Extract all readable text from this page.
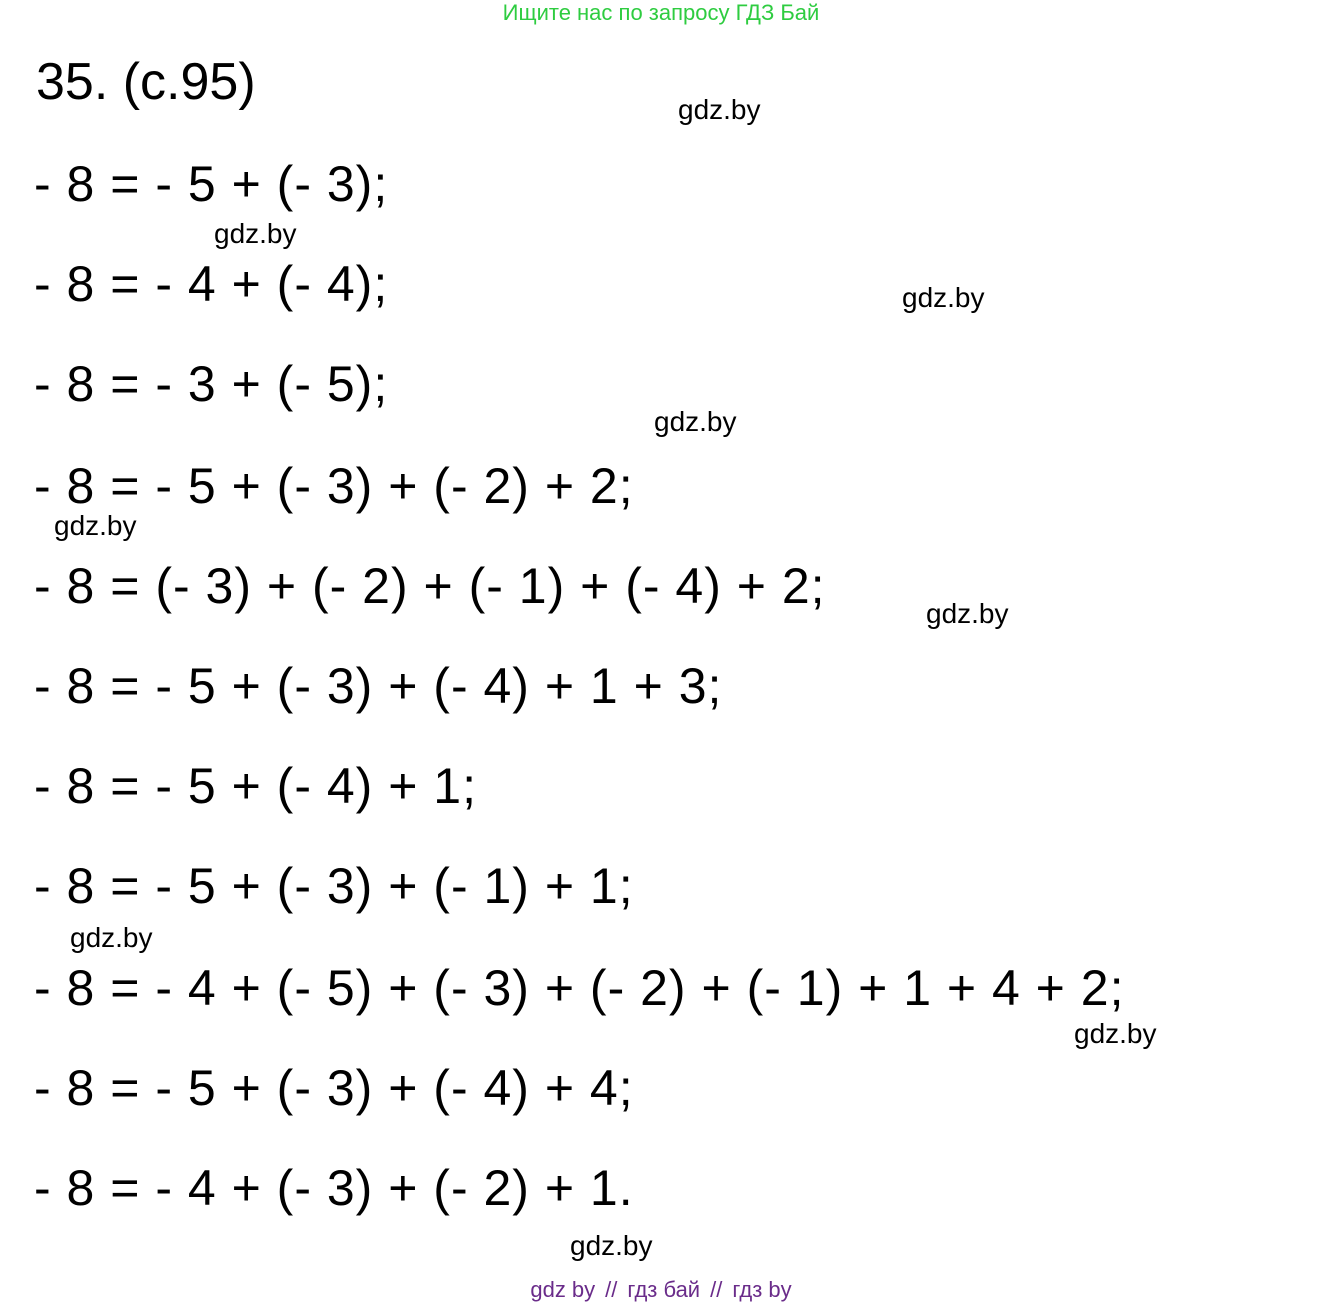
Ищите нас по запросу ГДЗ Бай
35. (с.95)
- 8 = - 5 + (- 3);
- 8 = - 4 + (- 4);
- 8 = - 3 + (- 5);
- 8 = - 5 + (- 3) + (- 2) + 2;
- 8 = (- 3) + (- 2) + (- 1) + (- 4) + 2;
- 8 = - 5 + (- 3) + (- 4) + 1 + 3;
- 8 = - 5 + (- 4) + 1;
- 8 = - 5 + (- 3) + (- 1) + 1;
- 8 = - 4 + (- 5) + (- 3) + (- 2) + (- 1) + 1 + 4 + 2;
- 8 = - 5 + (- 3) + (- 4) + 4;
- 8 = - 4 + (- 3) + (- 2) + 1.
gdz.by
gdz.by
gdz.by
gdz.by
gdz.by
gdz.by
gdz.by
gdz.by
gdz.by
gdz by // гдз бай // гдз by
